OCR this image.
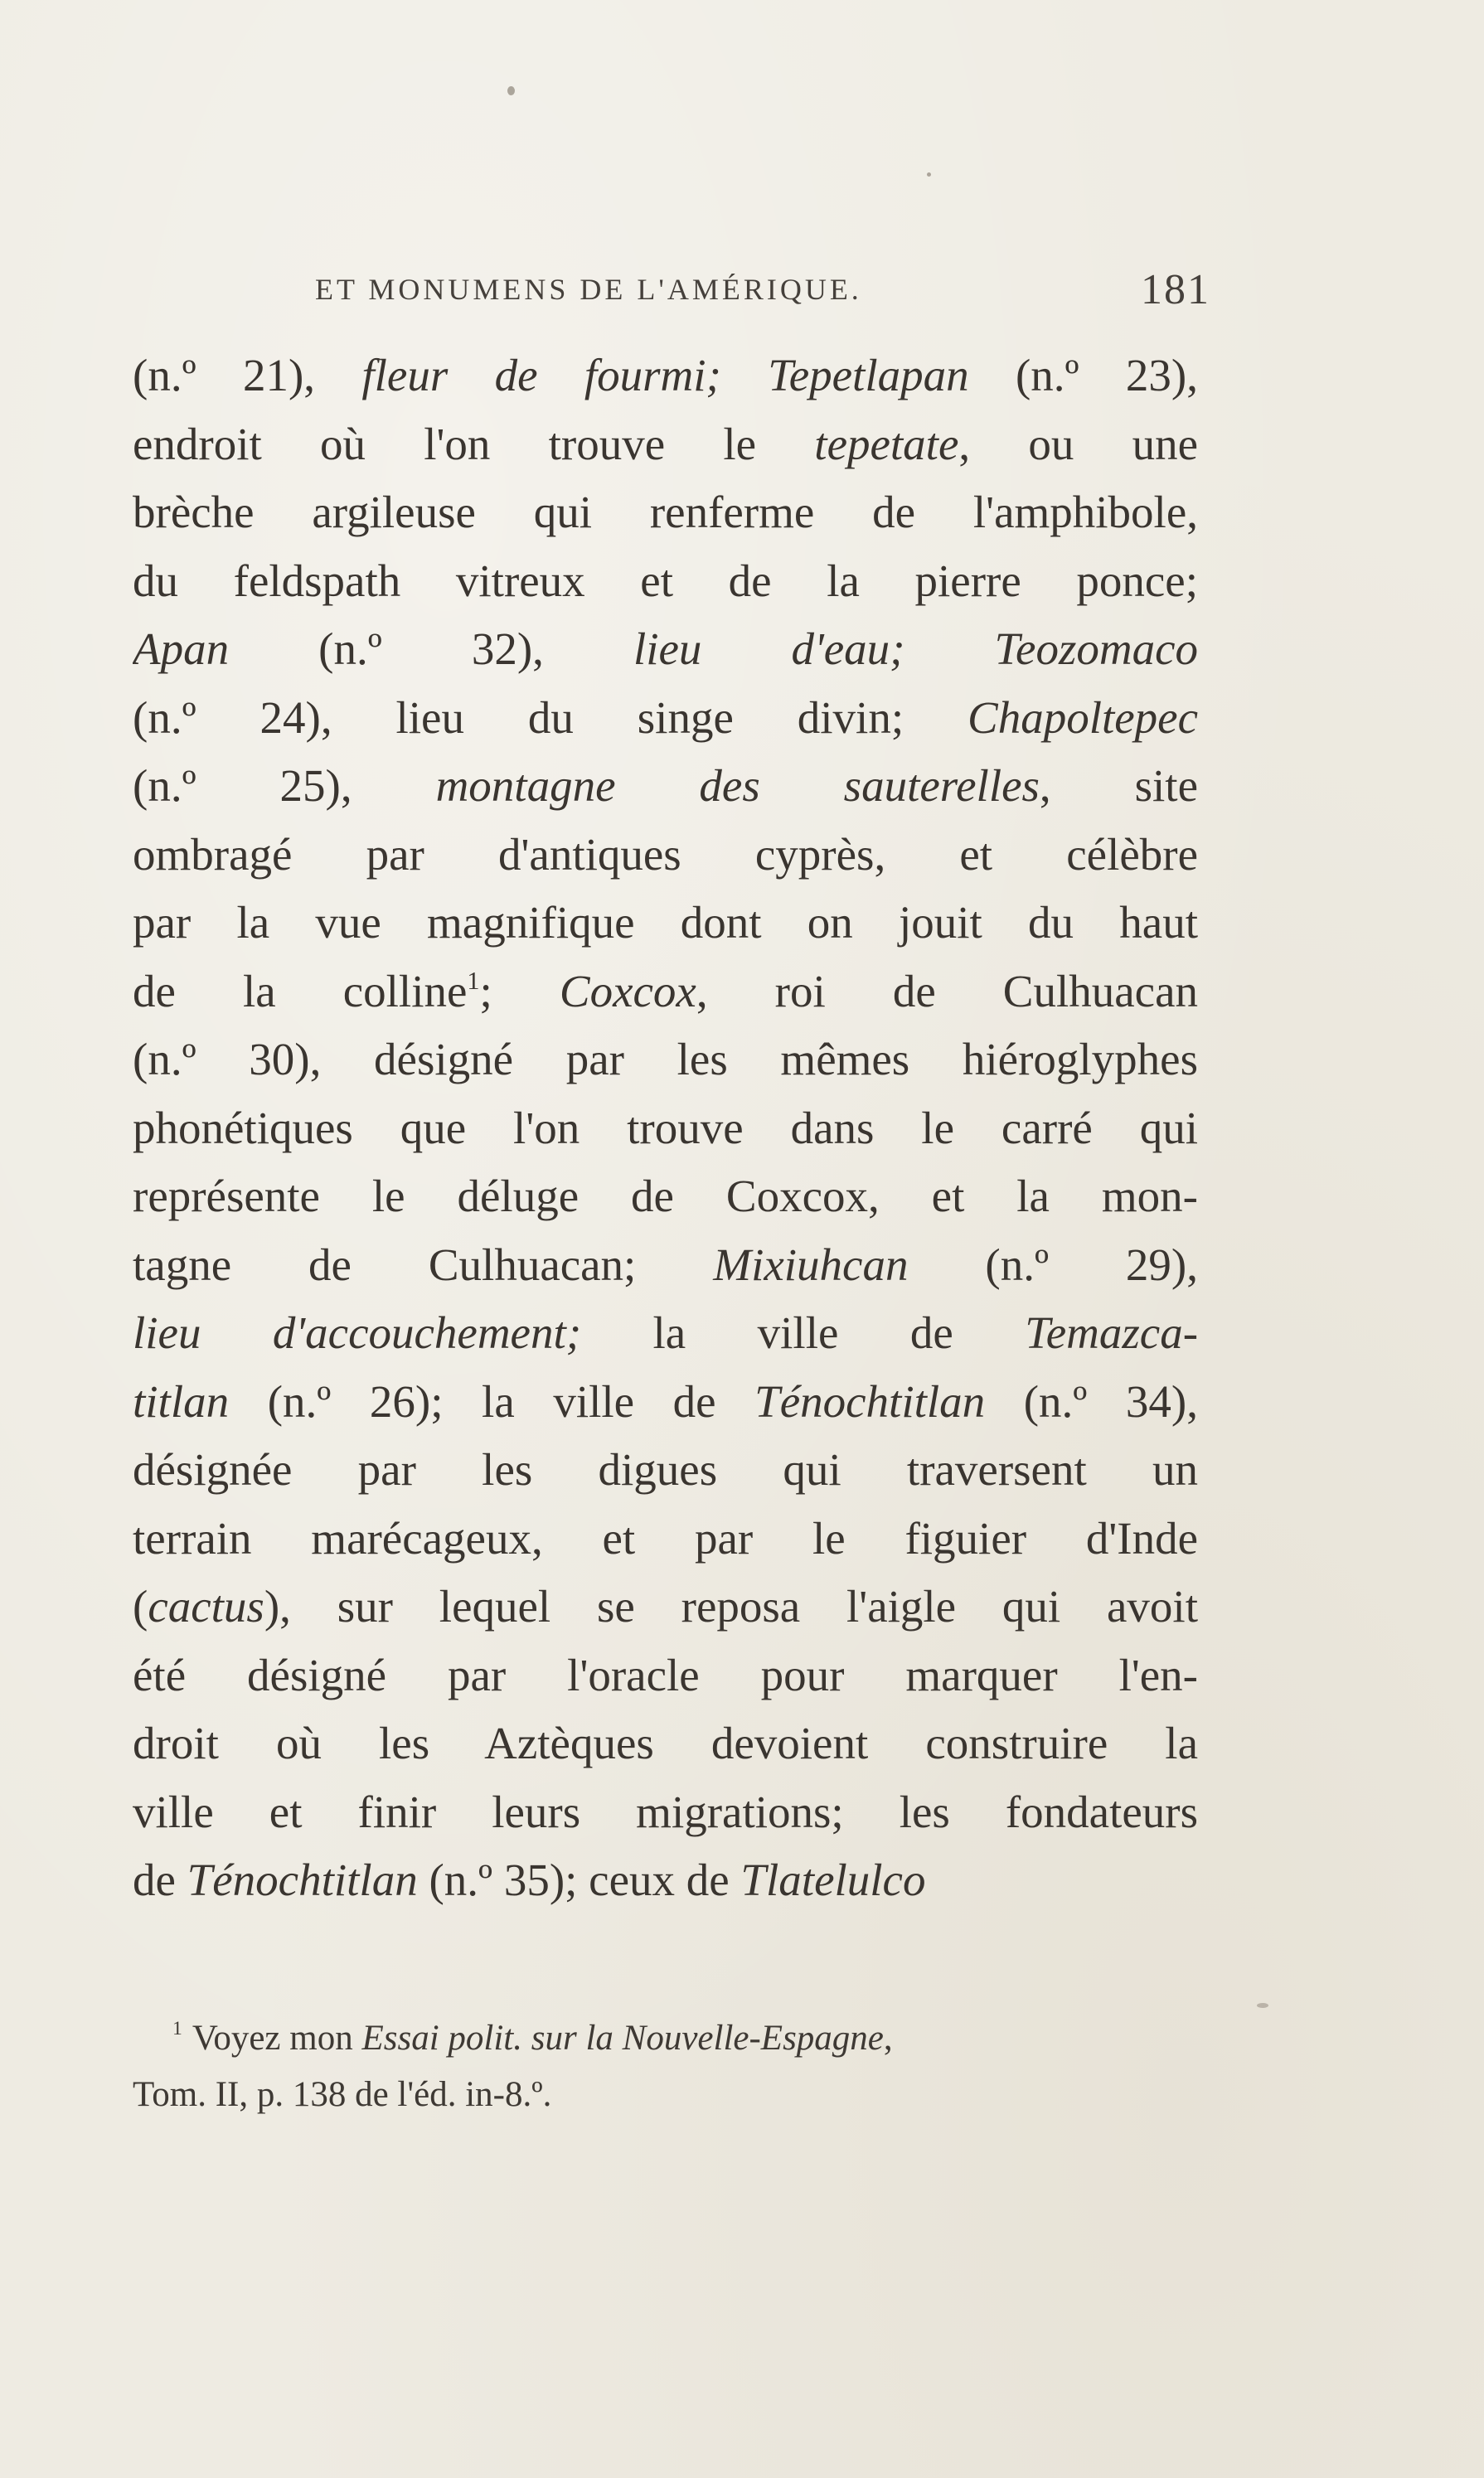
ET MONUMENS DE L'AMÉRIQUE.	181
(n.º 21), fleur de fourmi; Tepetlapan (n.º 23),
endroit où l'on trouve le tepetate, ou une
brèche argileuse qui renferme de l'amphibole,
du feldspath vitreux et de la pierre ponce;
Apan (n.º 32), lieu d'eau; Teozomaco
(n.º 24), lieu du singe divin; Chapoltepec
(n.º 25), montagne des sauterelles, site
ombragé par d'antiques cyprès, et célèbre
par la vue magnifique dont on jouit du haut
de la colline$^1$; Coxcox, roi de Culhuacan
(n.º 30), désigné par les mêmes hiéroglyphes
phonétiques que l'on trouve dans le carré qui
représente le déluge de Coxcox, et la mon-
tagne de Culhuacan; Mixiuhcan (n.º 29),
lieu d'accouchement; la ville de Temazca-
titlan (n.º 26); la ville de Ténochtitlan (n.º 34),
désignée par les digues qui traversent un
terrain marécageux, et par le figuier d'Inde
(cactus), sur lequel se reposa l'aigle qui avoit
été désigné par l'oracle pour marquer l'en-
droit où les Aztèques devoient construire la
ville et finir leurs migrations; les fondateurs
de Ténochtitlan (n.º 35); ceux de Tlatelulco
$^1$ Voyez mon Essai polit. sur la Nouvelle-Espagne,
Tom. II, p. 138 de l'éd. in-8.º.
